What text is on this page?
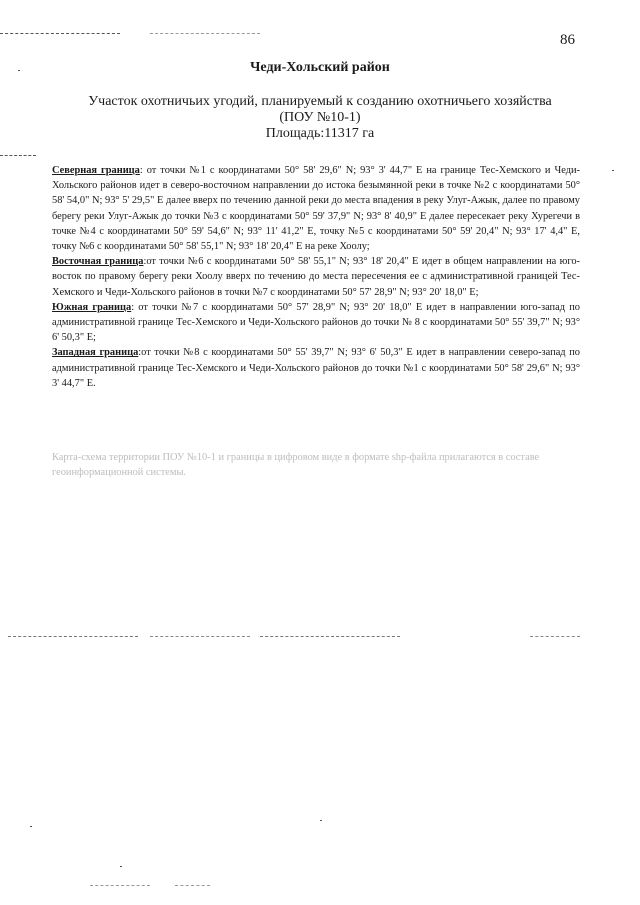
86
Чеди-Хольский район
Участок охотничьих угодий, планируемый к созданию охотничьего хозяйства
(ПОУ №10-1)
Площадь:11317 га

Северная граница: от точки №1 с координатами 50° 58' 29,6" N; 93° 3' 44,7" E на границе Тес-Хемского и Чеди-Хольского районов идет в северо-восточном направлении до истока безымянной реки в точке №2 с координатами 50° 58' 54,0" N; 93° 5' 29,5" E далее вверх по течению данной реки до места впадения в реку Улуг-Ажык, далее по правому берегу реки Улуг-Ажык до точки №3 с координатами 50° 59' 37,9" N; 93° 8' 40,9" E далее пересекает реку Хурегечи в точке №4 с координатами 50° 59' 54,6" N; 93° 11' 41,2" E, точку №5 с координатами 50° 59' 20,4" N; 93° 17' 4,4" E, точку №6 с координатами 50° 58' 55,1" N; 93° 18' 20,4" E на реке Хоолу;

Восточная граница:от точки №6 с координатами 50° 58' 55,1" N; 93° 18' 20,4" E идет в общем направлении на юго-восток по правому берегу реки Хоолу вверх по течению до места пересечения ее с административной границей Тес-Хемского и Чеди-Хольского районов в точки №7 с координатами 50° 57' 28,9" N; 93° 20' 18,0" E;

Южная граница: от точки №7 с координатами 50° 57' 28,9" N; 93° 20' 18,0" E идет в направлении юго-запад по административной границе Тес-Хемского и Чеди-Хольского районов до точки № 8 с координатами 50° 55' 39,7" N; 93° 6' 50,3" E;

Западная граница:от точки №8 с координатами 50° 55' 39,7" N; 93° 6' 50,3" E идет в направлении северо-запад по административной границе Тес-Хемского и Чеди-Хольского районов до точки №1 с координатами 50° 58' 29,6" N; 93° 3' 44,7" E.

Карта-схема территории ПОУ №10-1 и границы в цифровом виде в формате shp-файла прилагаются в составе геоинформационной системы.
